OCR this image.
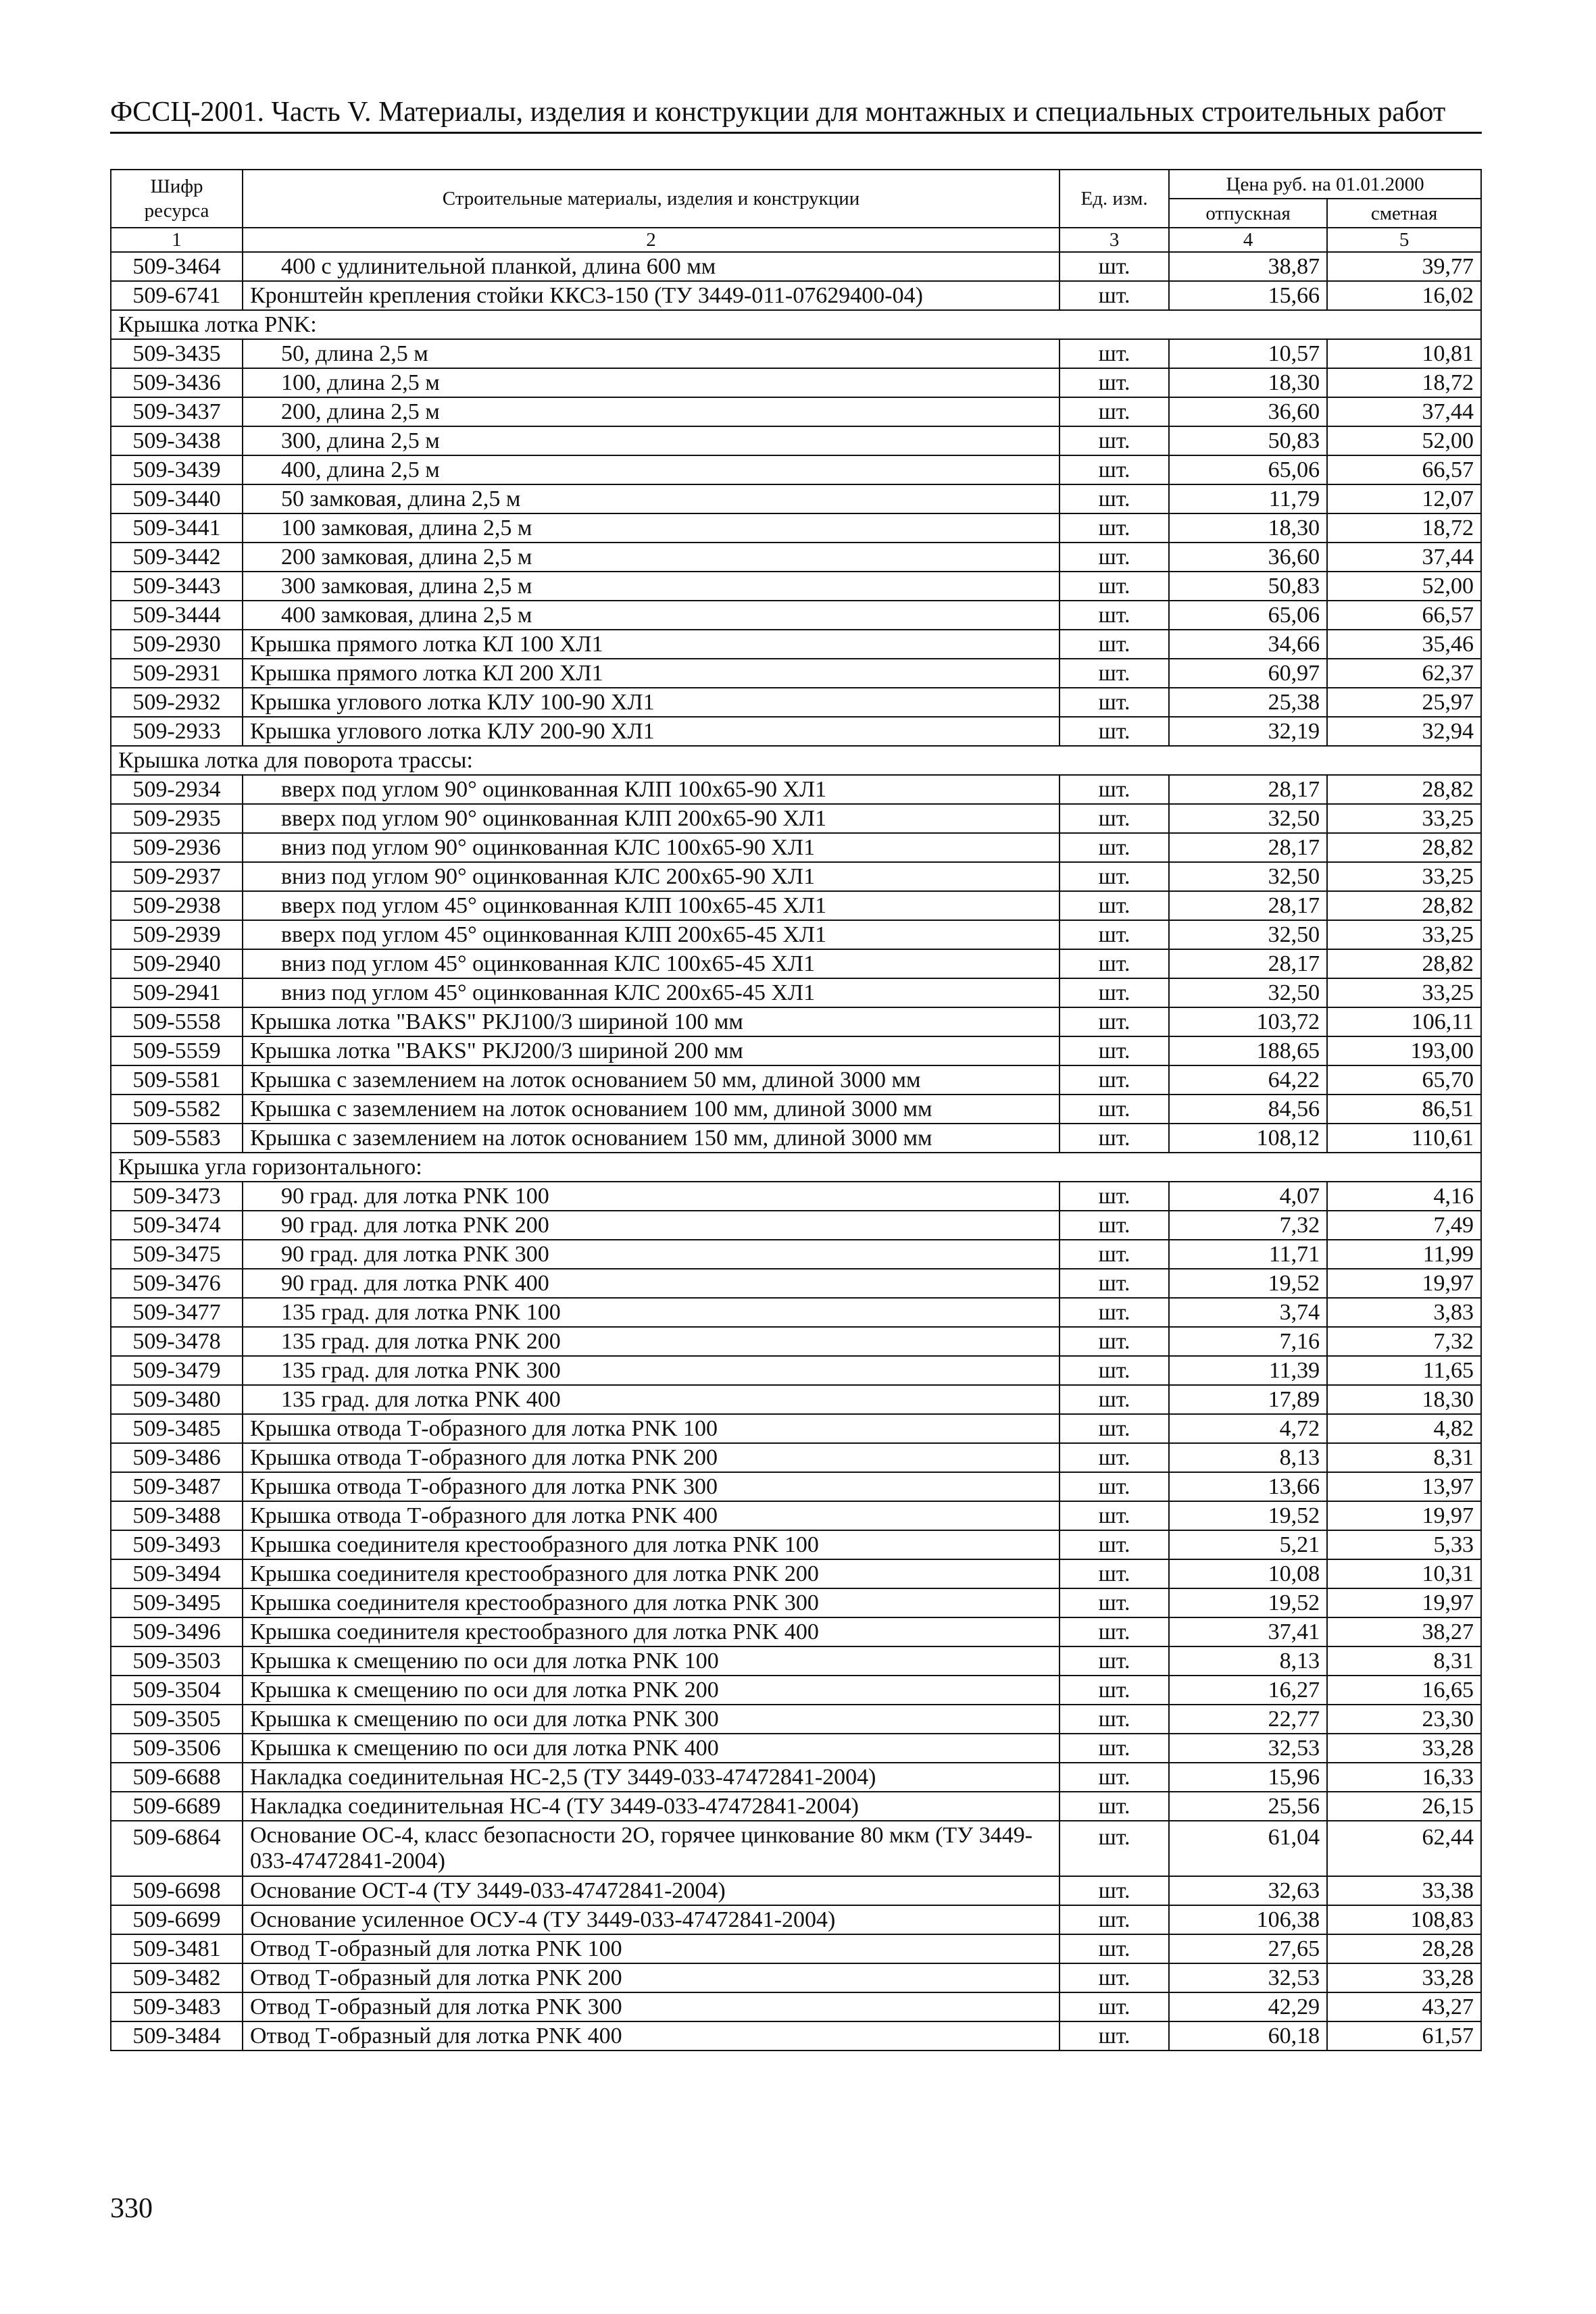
ФССЦ-2001. Часть V. Материалы, изделия и конструкции для монтажных и специальных строительных работ
Шифр ресурса	Строительные материалы, изделия и конструкции	Ед. изм.	Цена руб. на 01.01.2000	
			отпускная	сметная
1	2	3	4	5
509-3464	400 с удлинительной планкой, длина 600 мм	шт.	38,87	39,77
509-6741	Кронштейн крепления стойки ККС3-150 (ТУ 3449-011-07629400-04)	шт.	15,66	16,02
Крышка лотка PNK:				
509-3435	50, длина 2,5 м	шт.	10,57	10,81
509-3436	100, длина 2,5 м	шт.	18,30	18,72
509-3437	200, длина 2,5 м	шт.	36,60	37,44
509-3438	300, длина 2,5 м	шт.	50,83	52,00
509-3439	400, длина 2,5 м	шт.	65,06	66,57
509-3440	50 замковая, длина 2,5 м	шт.	11,79	12,07
509-3441	100 замковая, длина 2,5 м	шт.	18,30	18,72
509-3442	200 замковая, длина 2,5 м	шт.	36,60	37,44
509-3443	300 замковая, длина 2,5 м	шт.	50,83	52,00
509-3444	400 замковая, длина 2,5 м	шт.	65,06	66,57
509-2930	Крышка прямого лотка КЛ 100 ХЛ1	шт.	34,66	35,46
509-2931	Крышка прямого лотка КЛ 200 ХЛ1	шт.	60,97	62,37
509-2932	Крышка углового лотка КЛУ 100-90 ХЛ1	шт.	25,38	25,97
509-2933	Крышка углового лотка КЛУ 200-90 ХЛ1	шт.	32,19	32,94
Крышка лотка для поворота трассы:				
509-2934	вверх под углом 90° оцинкованная КЛП 100х65-90 ХЛ1	шт.	28,17	28,82
509-2935	вверх под углом 90° оцинкованная КЛП 200х65-90 ХЛ1	шт.	32,50	33,25
509-2936	вниз под углом 90° оцинкованная КЛС 100х65-90 ХЛ1	шт.	28,17	28,82
509-2937	вниз под углом 90° оцинкованная КЛС 200х65-90 ХЛ1	шт.	32,50	33,25
509-2938	вверх под углом 45° оцинкованная КЛП 100х65-45 ХЛ1	шт.	28,17	28,82
509-2939	вверх под углом 45° оцинкованная КЛП 200х65-45 ХЛ1	шт.	32,50	33,25
509-2940	вниз под углом 45° оцинкованная КЛС 100х65-45 ХЛ1	шт.	28,17	28,82
509-2941	вниз под углом 45° оцинкованная КЛС 200х65-45 ХЛ1	шт.	32,50	33,25
509-5558	Крышка лотка "BAKS" PKJ100/3 шириной 100 мм	шт.	103,72	106,11
509-5559	Крышка лотка "BAKS" PKJ200/3 шириной 200 мм	шт.	188,65	193,00
509-5581	Крышка с заземлением на лоток основанием 50 мм, длиной 3000 мм	шт.	64,22	65,70
509-5582	Крышка с заземлением на лоток основанием 100 мм, длиной 3000 мм	шт.	84,56	86,51
509-5583	Крышка с заземлением на лоток основанием 150 мм, длиной 3000 мм	шт.	108,12	110,61
Крышка угла горизонтального:				
509-3473	90 град. для лотка PNK 100	шт.	4,07	4,16
509-3474	90 град. для лотка PNK 200	шт.	7,32	7,49
509-3475	90 град. для лотка PNK 300	шт.	11,71	11,99
509-3476	90 град. для лотка PNK 400	шт.	19,52	19,97
509-3477	135 град. для лотка PNK 100	шт.	3,74	3,83
509-3478	135 град. для лотка PNK 200	шт.	7,16	7,32
509-3479	135 град. для лотка PNK 300	шт.	11,39	11,65
509-3480	135 град. для лотка PNK 400	шт.	17,89	18,30
509-3485	Крышка отвода Т-образного для лотка PNK 100	шт.	4,72	4,82
509-3486	Крышка отвода Т-образного для лотка PNK 200	шт.	8,13	8,31
509-3487	Крышка отвода Т-образного для лотка PNK 300	шт.	13,66	13,97
509-3488	Крышка отвода Т-образного для лотка PNK 400	шт.	19,52	19,97
509-3493	Крышка соединителя крестообразного для лотка PNK 100	шт.	5,21	5,33
509-3494	Крышка соединителя крестообразного для лотка PNK 200	шт.	10,08	10,31
509-3495	Крышка соединителя крестообразного для лотка PNK 300	шт.	19,52	19,97
509-3496	Крышка соединителя крестообразного для лотка PNK 400	шт.	37,41	38,27
509-3503	Крышка к смещению по оси для лотка PNK 100	шт.	8,13	8,31
509-3504	Крышка к смещению по оси для лотка PNK 200	шт.	16,27	16,65
509-3505	Крышка к смещению по оси для лотка PNK 300	шт.	22,77	23,30
509-3506	Крышка к смещению по оси для лотка PNK 400	шт.	32,53	33,28
509-6688	Накладка соединительная НС-2,5 (ТУ 3449-033-47472841-2004)	шт.	15,96	16,33
509-6689	Накладка соединительная НС-4 (ТУ 3449-033-47472841-2004)	шт.	25,56	26,15
509-6864	Основание ОС-4, класс безопасности 2О, горячее цинкование 80 мкм (ТУ 3449-033-47472841-2004)	шт.	61,04	62,44
509-6698	Основание ОСТ-4 (ТУ 3449-033-47472841-2004)	шт.	32,63	33,38
509-6699	Основание усиленное ОСУ-4 (ТУ 3449-033-47472841-2004)	шт.	106,38	108,83
509-3481	Отвод Т-образный для лотка PNK 100	шт.	27,65	28,28
509-3482	Отвод Т-образный для лотка PNK 200	шт.	32,53	33,28
509-3483	Отвод Т-образный для лотка PNK 300	шт.	42,29	43,27
509-3484	Отвод Т-образный для лотка PNK 400	шт.	60,18	61,57
330
